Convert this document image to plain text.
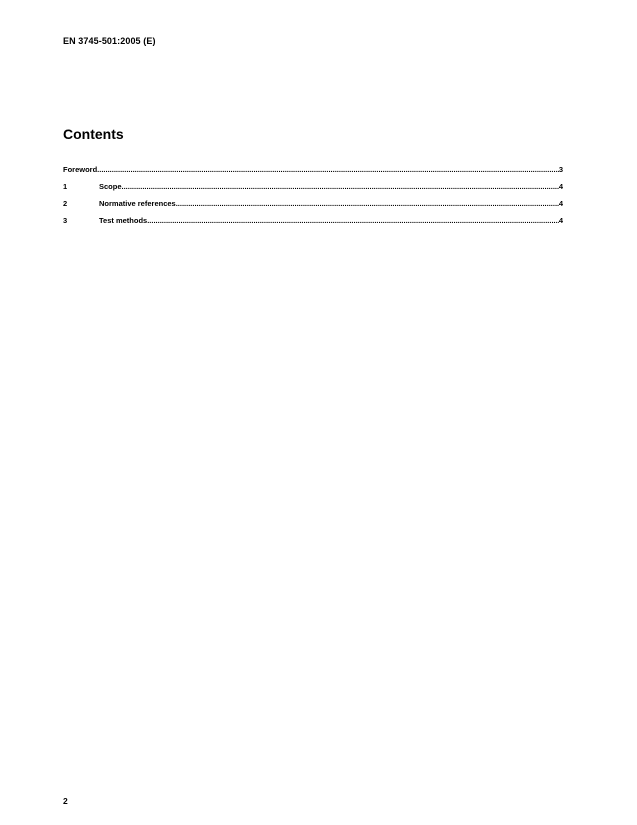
EN 3745-501:2005 (E)
Contents
Foreword .....	3
1	Scope .....	4
2	Normative references .....	4
3	Test methods .....	4
2
